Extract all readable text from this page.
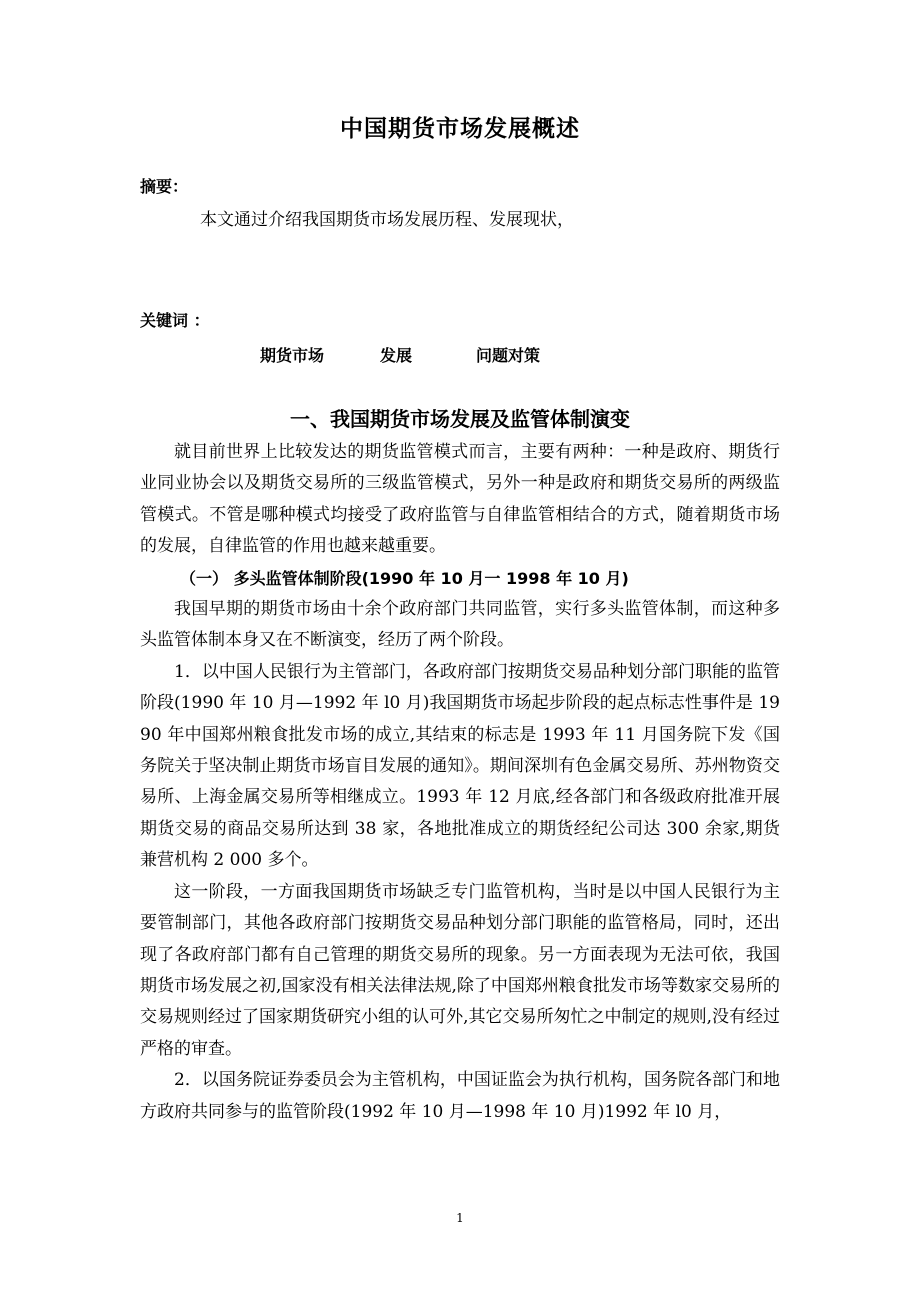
中国期货市场发展概述
摘要：
本文通过介绍我国期货市场发展历程、发展现状，
关键词 ：
期货市场	发展	问题对策
一、我国期货市场发展及监管体制演变

就目前世界上比较发达的期货监管模式而言，主要有两种：一种是政府、期货行业同业协会以及期货交易所的三级监管模式，另外一种是政府和期货交易所的两级监管模式。不管是哪种模式均接受了政府监管与自律监管相结合的方式，随着期货市场的发展，自律监管的作用也越来越重要。

（一） 多头监管体制阶段(1990 年 10 月一 1998 年 10 月)

我国早期的期货市场由十余个政府部门共同监管，实行多头监管体制，而这种多头监管体制本身又在不断演变，经历了两个阶段。

1．以中国人民银行为主管部门，各政府部门按期货交易品种划分部门职能的监管阶段(1990 年 10 月—1992 年 l0 月)我国期货市场起步阶段的起点标志性事件是 1990 年中国郑州粮食批发市场的成立,其结束的标志是 1993 年 11 月国务院下发《国务院关于坚决制止期货市场盲目发展的通知》。期间深圳有色金属交易所、苏州物资交易所、上海金属交易所等相继成立。1993 年 12 月底,经各部门和各级政府批准开展期货交易的商品交易所达到 38 家，各地批准成立的期货经纪公司达 300 余家,期货兼营机构 2 000 多个。

这一阶段，一方面我国期货市场缺乏专门监管机构，当时是以中国人民银行为主要管制部门，其他各政府部门按期货交易品种划分部门职能的监管格局，同时，还出现了各政府部门都有自己管理的期货交易所的现象。另一方面表现为无法可依，我国期货市场发展之初,国家没有相关法律法规,除了中国郑州粮食批发市场等数家交易所的交易规则经过了国家期货研究小组的认可外,其它交易所匆忙之中制定的规则,没有经过严格的审查。

2．以国务院证券委员会为主管机构，中国证监会为执行机构，国务院各部门和地方政府共同参与的监管阶段(1992 年 10 月—1998 年 10 月)1992 年 l0 月，

1
